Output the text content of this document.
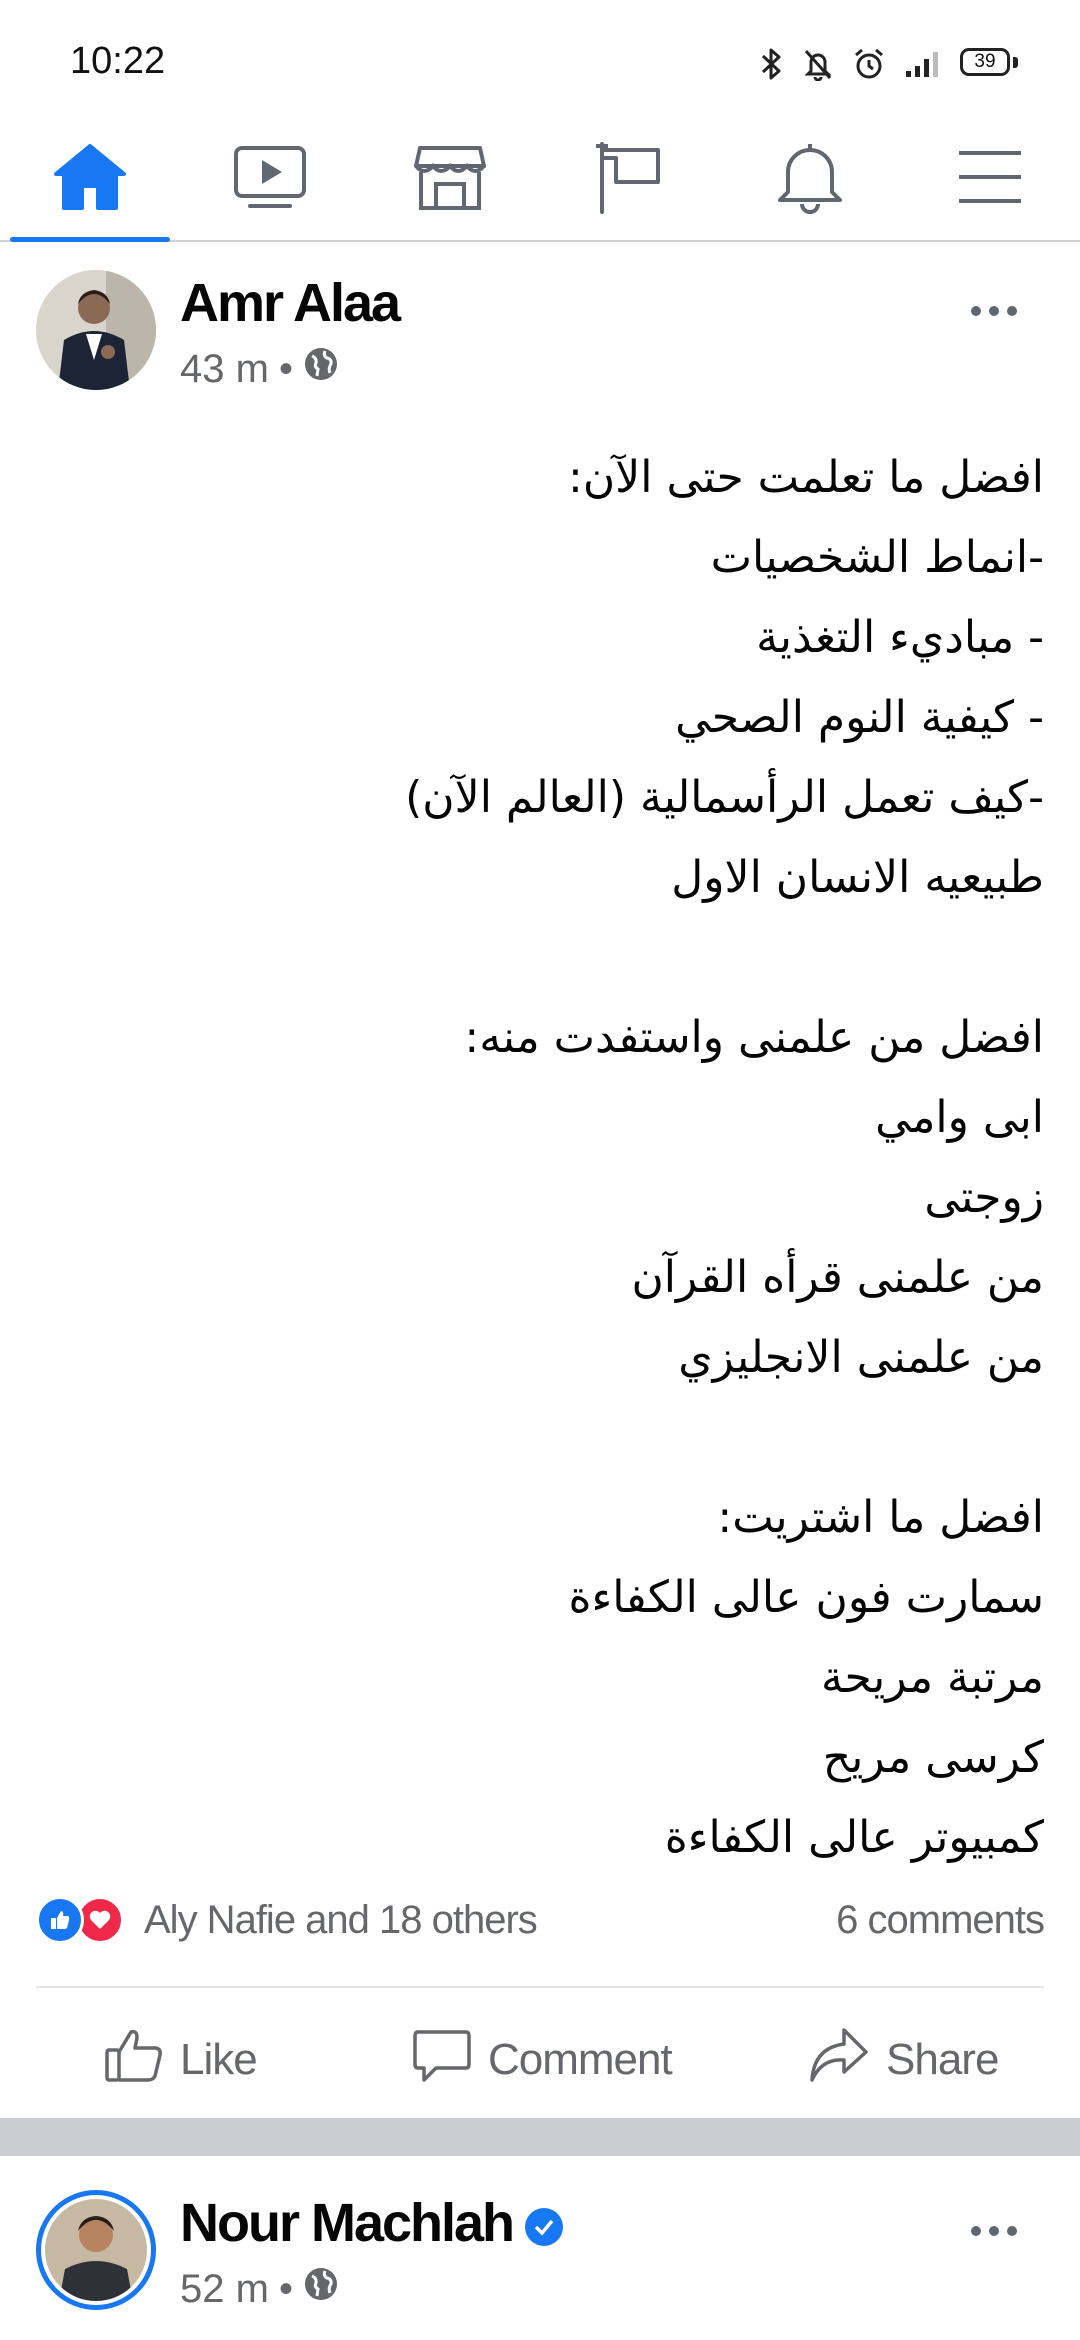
10:22	39
Amr Alaa
43 m •
افضل ما تعلمت حتى الآن:
-انماط الشخصيات
- مباديء التغذية
- كيفية النوم الصحي
-كيف تعمل الرأسمالية (العالم الآن)
طبيعيه الانسان الاول

افضل من علمنى واستفدت منه:
ابى وامي
زوجتى
من علمنى قرأه القرآن
من علمنى الانجليزي

افضل ما اشتريت:
سمارت فون عالى الكفاءة
مرتبة مريحة
كرسى مريح
كمبيوتر عالى الكفاءة
Aly Nafie and 18 others	6 comments
Like	Comment	Share
Nour Machlah
52 m •
